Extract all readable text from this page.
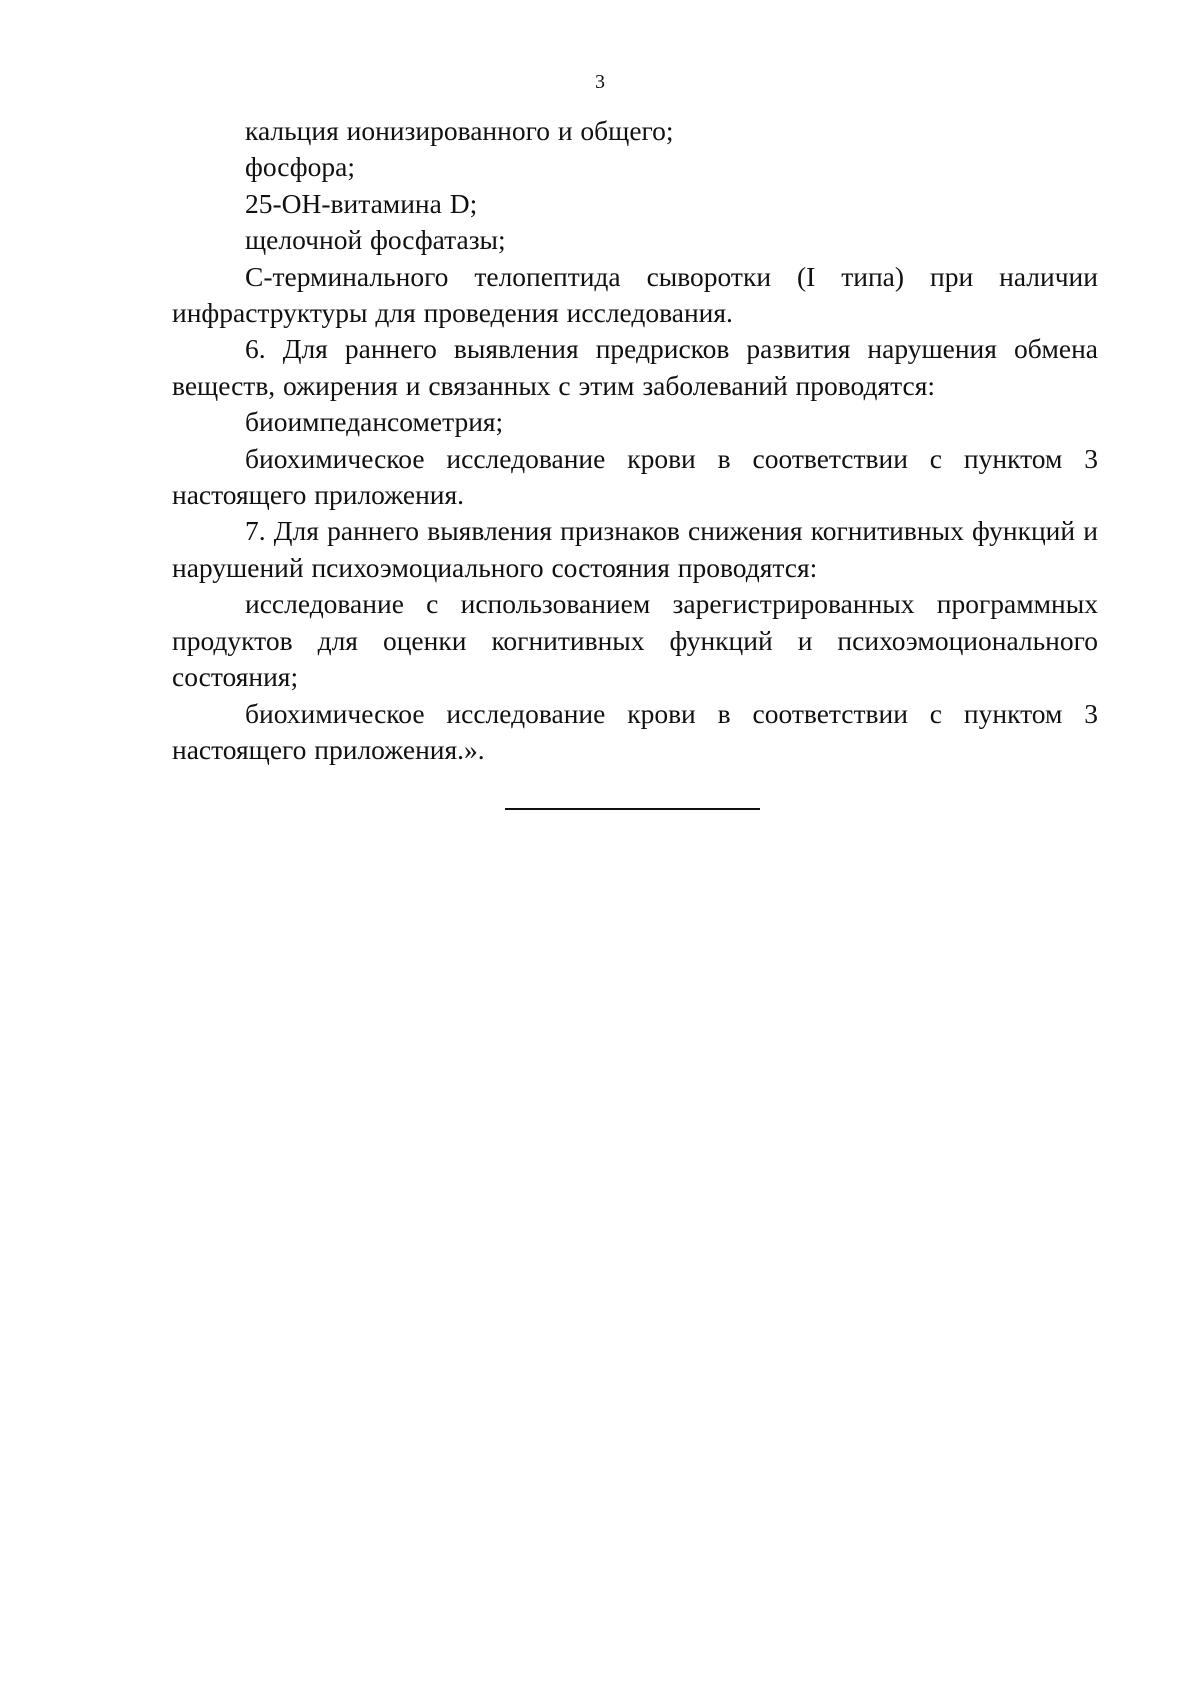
3

кальция ионизированного и общего;

фосфора;

25-ОН-витамина D;

щелочной фосфатазы;

С-терминального телопептида сыворотки (I типа) при наличии инфраструктуры для проведения исследования.

6. Для раннего выявления предрисков развития нарушения обмена веществ, ожирения и связанных с этим заболеваний проводятся:

биоимпедансометрия;

биохимическое исследование крови в соответствии с пунктом 3 настоящего приложения.

7. Для раннего выявления признаков снижения когнитивных функций и нарушений психоэмоциального состояния проводятся:

исследование с использованием зарегистрированных программных продуктов для оценки когнитивных функций и психоэмоционального состояния;

биохимическое исследование крови в соответствии с пунктом 3 настоящего приложения.».
